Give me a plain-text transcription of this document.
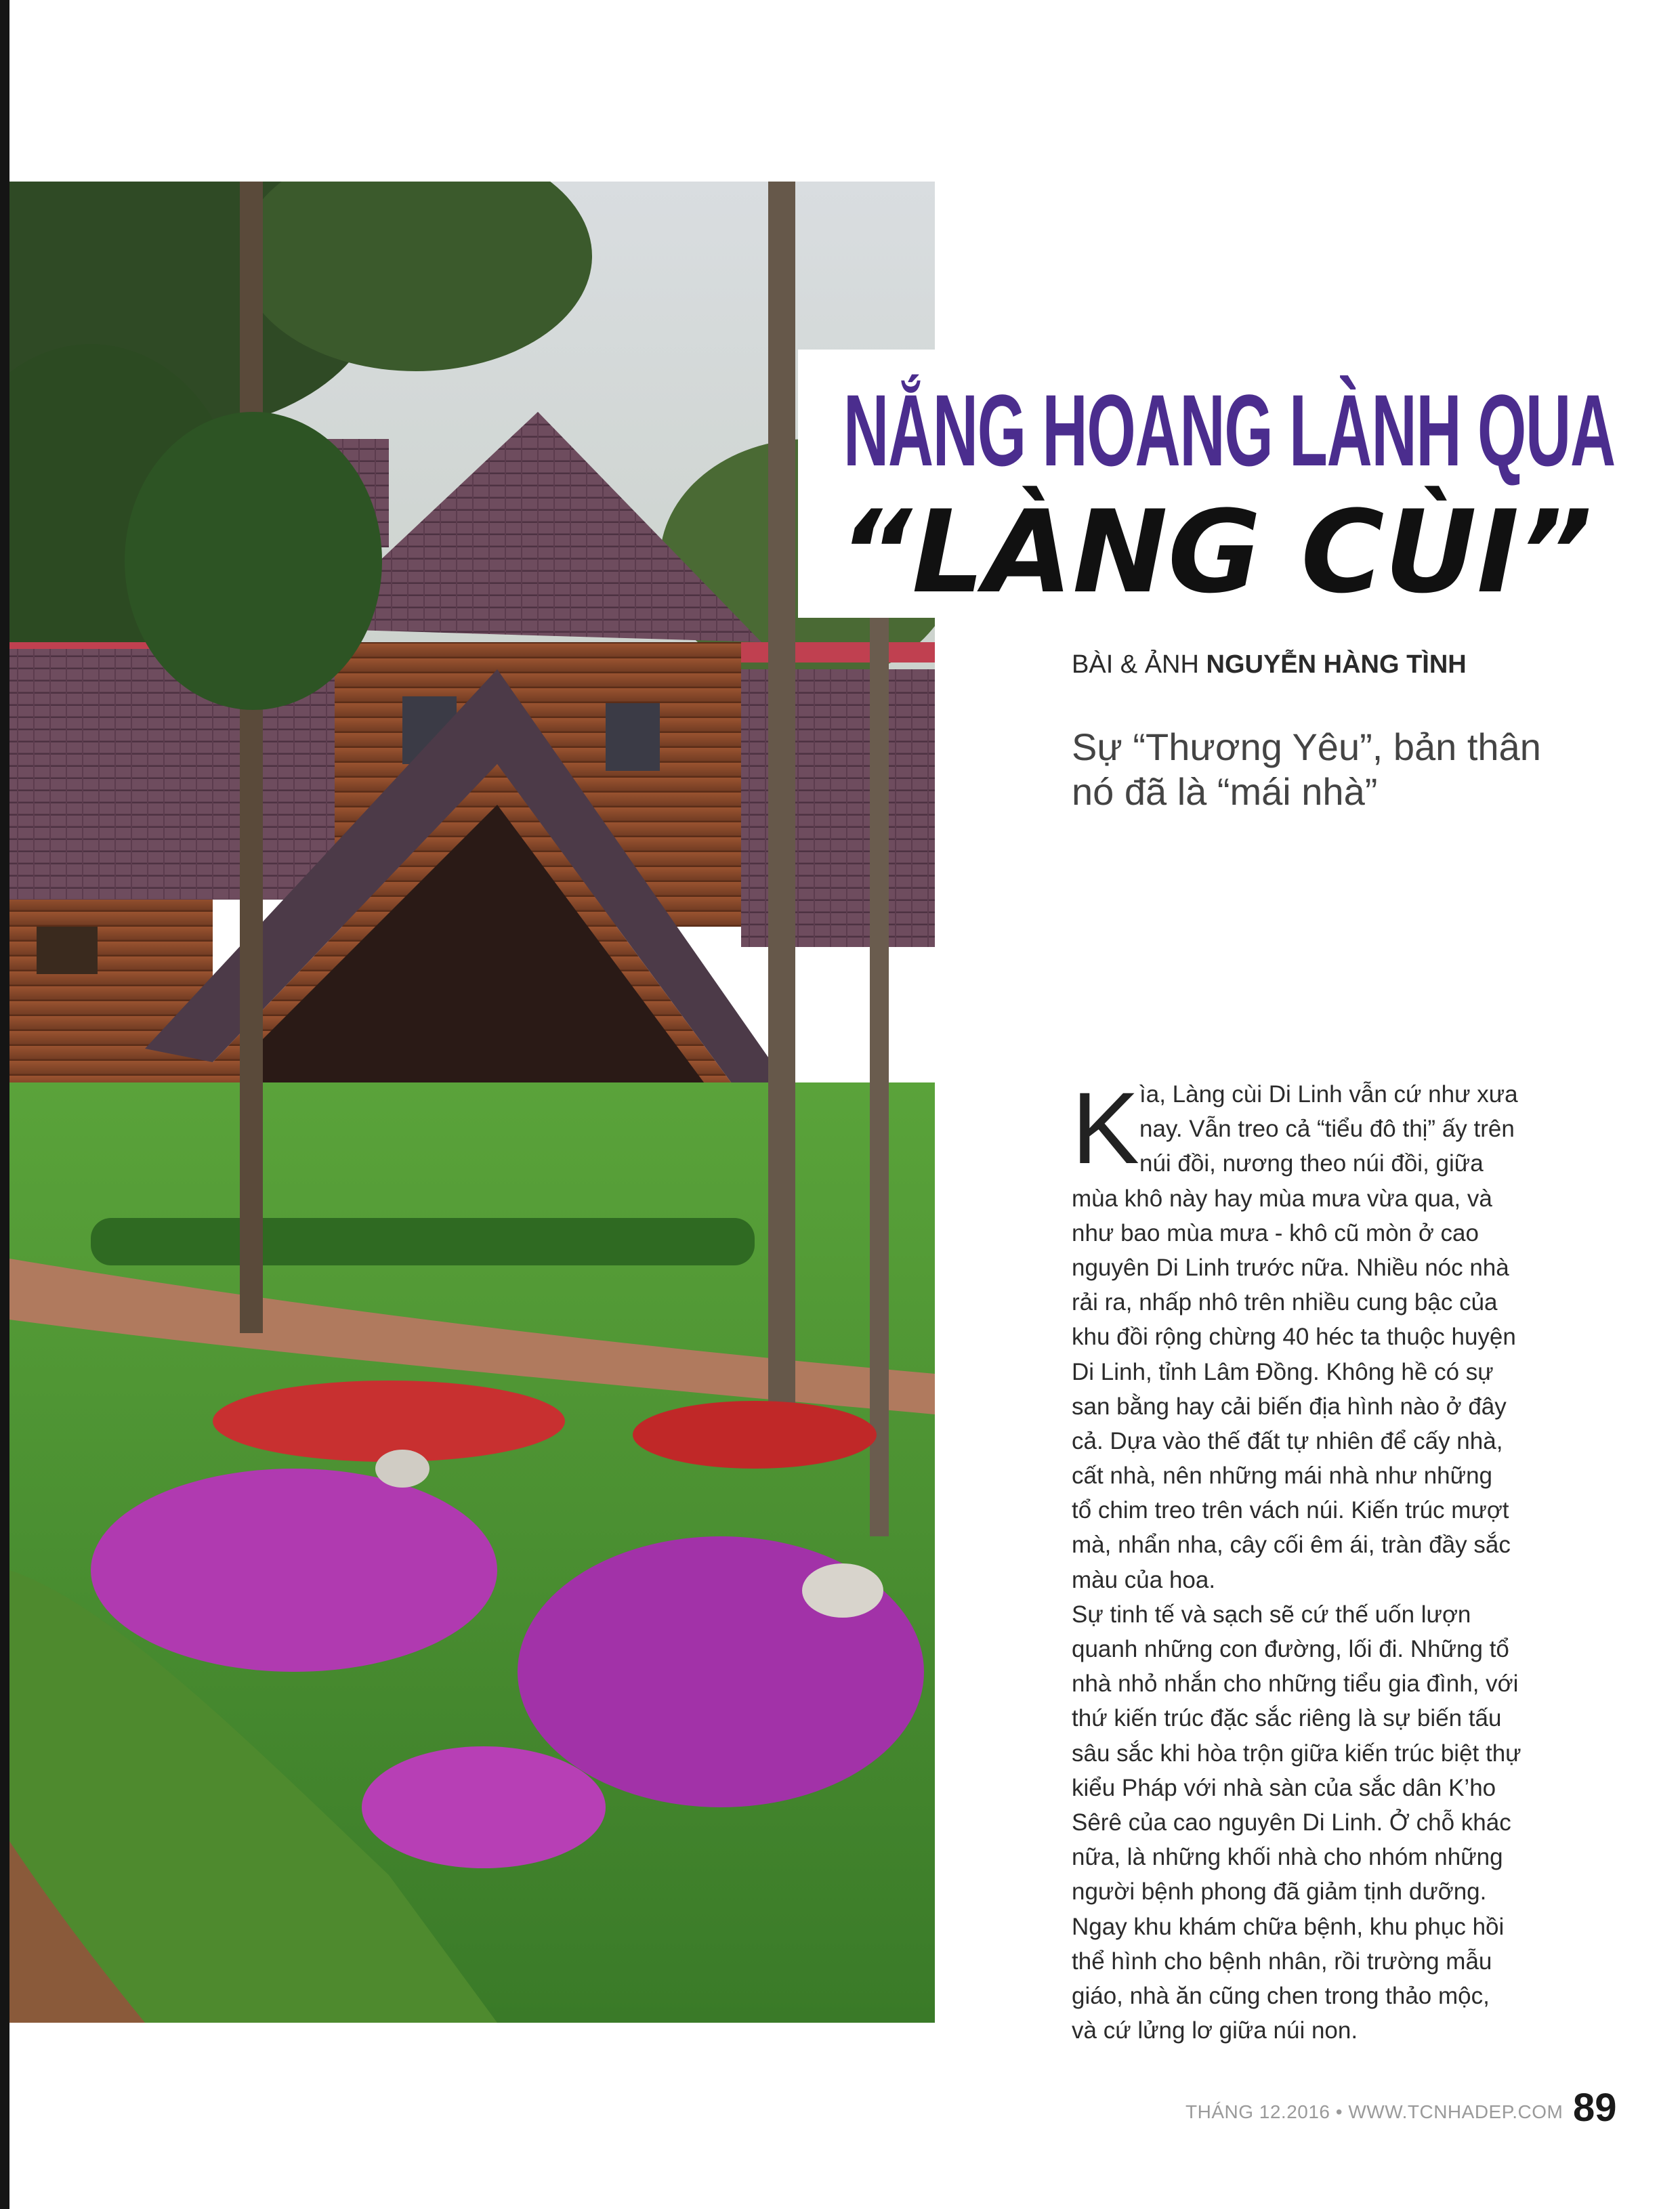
NẮNG HOANG LÀNH QUA
“LÀNG CÙI”
BÀI & ẢNH NGUYỄN HÀNG TÌNH
Sự “Thương Yêu”, bản thân
nó đã là “mái nhà”
K ìa, Làng cùi Di Linh vẫn cứ như xưa
nay. Vẫn treo cả “tiểu đô thị” ấy trên
núi đồi, nương theo núi đồi, giữa
mùa khô này hay mùa mưa vừa qua, và
như bao mùa mưa - khô cũ mòn ở cao
nguyên Di Linh trước nữa. Nhiều nóc nhà
rải ra, nhấp nhô trên nhiều cung bậc của
khu đồi rộng chừng 40 héc ta thuộc huyện
Di Linh, tỉnh Lâm Đồng. Không hề có sự
san bằng hay cải biến địa hình nào ở đây
cả. Dựa vào thế đất tự nhiên để cấy nhà,
cất nhà, nên những mái nhà như những
tổ chim treo trên vách núi. Kiến trúc mượt
mà, nhẩn nha, cây cối êm ái, tràn đầy sắc
màu của hoa.
Sự tinh tế và sạch sẽ cứ thế uốn lượn
quanh những con đường, lối đi. Những tổ
nhà nhỏ nhắn cho những tiểu gia đình, với
thứ kiến trúc đặc sắc riêng là sự biến tấu
sâu sắc khi hòa trộn giữa kiến trúc biệt thự
kiểu Pháp với nhà sàn của sắc dân K’ho
Sêrê của cao nguyên Di Linh. Ở chỗ khác
nữa, là những khối nhà cho nhóm những
người bệnh phong đã giảm tịnh dưỡng.
Ngay khu khám chữa bệnh, khu phục hồi
thể hình cho bệnh nhân, rồi trường mẫu
giáo, nhà ăn cũng chen trong thảo mộc,
và cứ lửng lơ giữa núi non.
THÁNG 12.2016 • WWW.TCNHADEP.COM 89
